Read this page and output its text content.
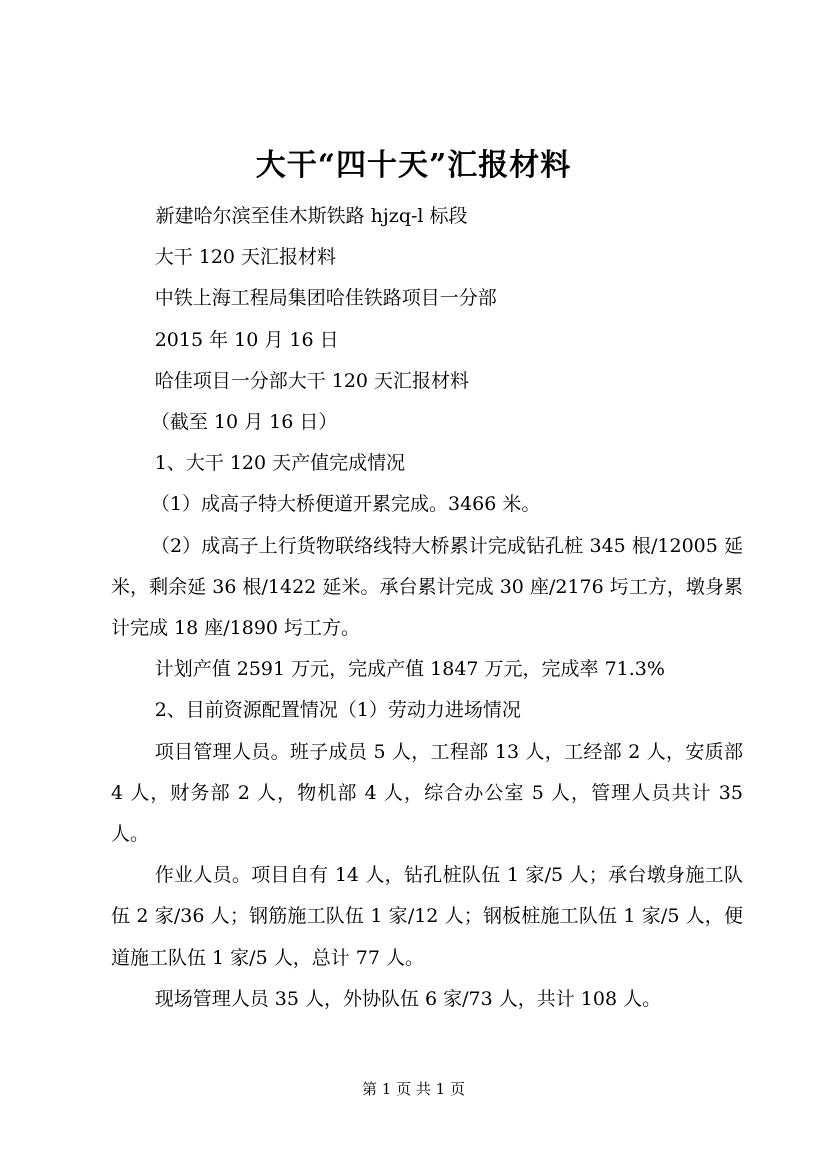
大干“四十天”汇报材料

新建哈尔滨至佳木斯铁路 hjzq-l 标段

大干 120 天汇报材料

中铁上海工程局集团哈佳铁路项目一分部

2015 年 10 月 16 日

哈佳项目一分部大干 120 天汇报材料

（截至 10 月 16 日）

1、大干 120 天产值完成情况

（1）成高子特大桥便道开累完成。3466 米。

（2）成高子上行货物联络线特大桥累计完成钻孔桩 345 根/12005 延米，剩余延 36 根/1422 延米。承台累计完成 30 座/2176 圬工方，墩身累计完成 18 座/1890 圬工方。

计划产值 2591 万元，完成产值 1847 万元，完成率 71.3%

2、目前资源配置情况（1）劳动力进场情况

项目管理人员。班子成员 5 人，工程部 13 人，工经部 2 人，安质部 4 人，财务部 2 人，物机部 4 人，综合办公室 5 人，管理人员共计 35 人。

作业人员。项目自有 14 人，钻孔桩队伍 1 家/5 人；承台墩身施工队伍 2 家/36 人；钢筋施工队伍 1 家/12 人；钢板桩施工队伍 1 家/5 人，便道施工队伍 1 家/5 人，总计 77 人。

现场管理人员 35 人，外协队伍 6 家/73 人，共计 108 人。

第 1 页 共 1 页
